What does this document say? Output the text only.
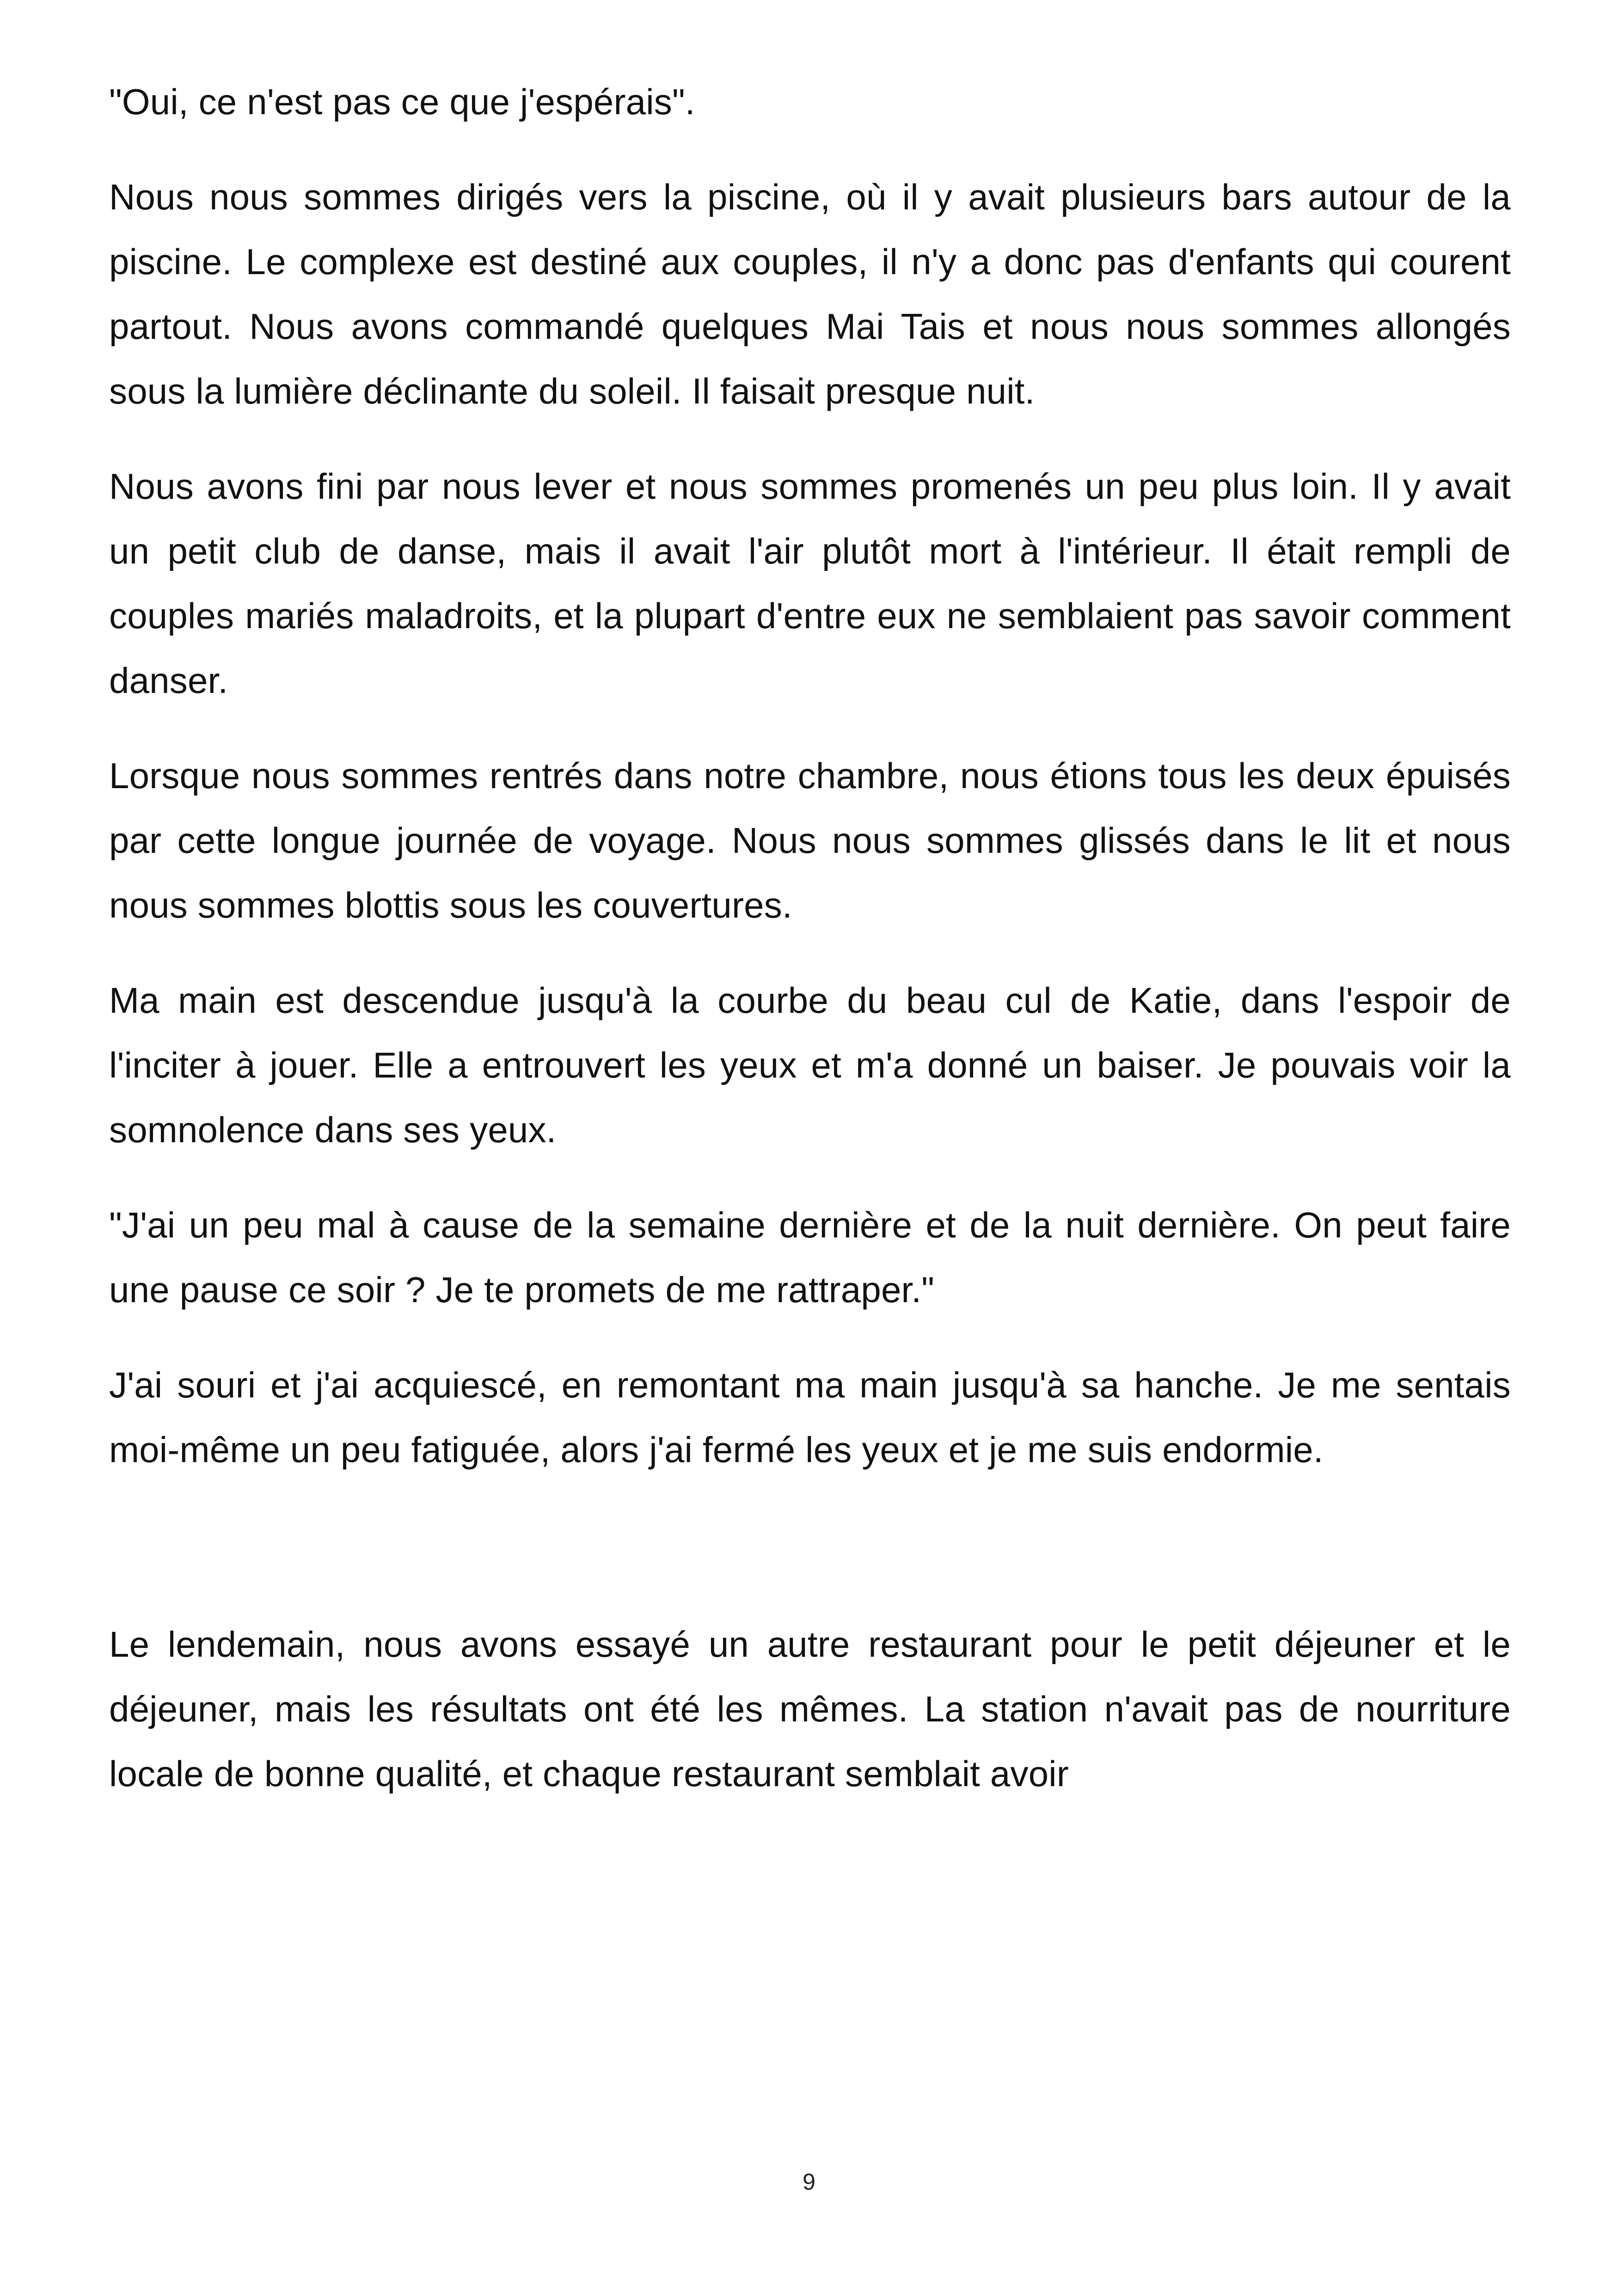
"Oui, ce n'est pas ce que j'espérais".

Nous nous sommes dirigés vers la piscine, où il y avait plusieurs bars autour de la piscine. Le complexe est destiné aux couples, il n'y a donc pas d'enfants qui courent partout. Nous avons commandé quelques Mai Tais et nous nous sommes allongés sous la lumière déclinante du soleil. Il faisait presque nuit.

Nous avons fini par nous lever et nous sommes promenés un peu plus loin. Il y avait un petit club de danse, mais il avait l'air plutôt mort à l'intérieur. Il était rempli de couples mariés maladroits, et la plupart d'entre eux ne semblaient pas savoir comment danser.

Lorsque nous sommes rentrés dans notre chambre, nous étions tous les deux épuisés par cette longue journée de voyage. Nous nous sommes glissés dans le lit et nous nous sommes blottis sous les couvertures.

Ma main est descendue jusqu'à la courbe du beau cul de Katie, dans l'espoir de l'inciter à jouer. Elle a entrouvert les yeux et m'a donné un baiser. Je pouvais voir la somnolence dans ses yeux.

"J'ai un peu mal à cause de la semaine dernière et de la nuit dernière. On peut faire une pause ce soir ? Je te promets de me rattraper."

J'ai souri et j'ai acquiescé, en remontant ma main jusqu'à sa hanche. Je me sentais moi-même un peu fatiguée, alors j'ai fermé les yeux et je me suis endormie.

Le lendemain, nous avons essayé un autre restaurant pour le petit déjeuner et le déjeuner, mais les résultats ont été les mêmes. La station n'avait pas de nourriture locale de bonne qualité, et chaque restaurant semblait avoir

9
